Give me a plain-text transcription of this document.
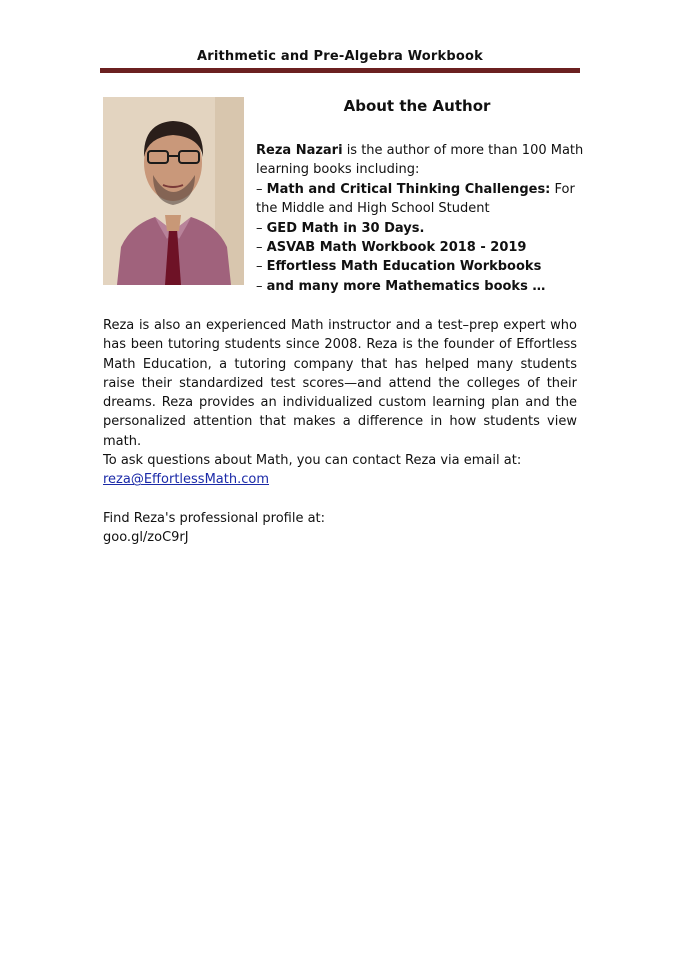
Arithmetic and Pre-Algebra Workbook
About the Author

Reza Nazari is the author of more than 100 Math learning books including:

– Math and Critical Thinking Challenges: For the Middle and High School Student
– GED Math in 30 Days.
– ASVAB Math Workbook 2018 - 2019
– Effortless Math Education Workbooks
– and many more Mathematics books …

Reza is also an experienced Math instructor and a test–prep expert who has been tutoring students since 2008. Reza is the founder of Effortless Math Education, a tutoring company that has helped many students raise their standardized test scores—and attend the colleges of their dreams. Reza provides an individualized custom learning plan and the personalized attention that makes a difference in how students view math.

To ask questions about Math, you can contact Reza via email at:
reza@EffortlessMath.com
Find Reza's professional profile at:
goo.gl/zoC9rJ
